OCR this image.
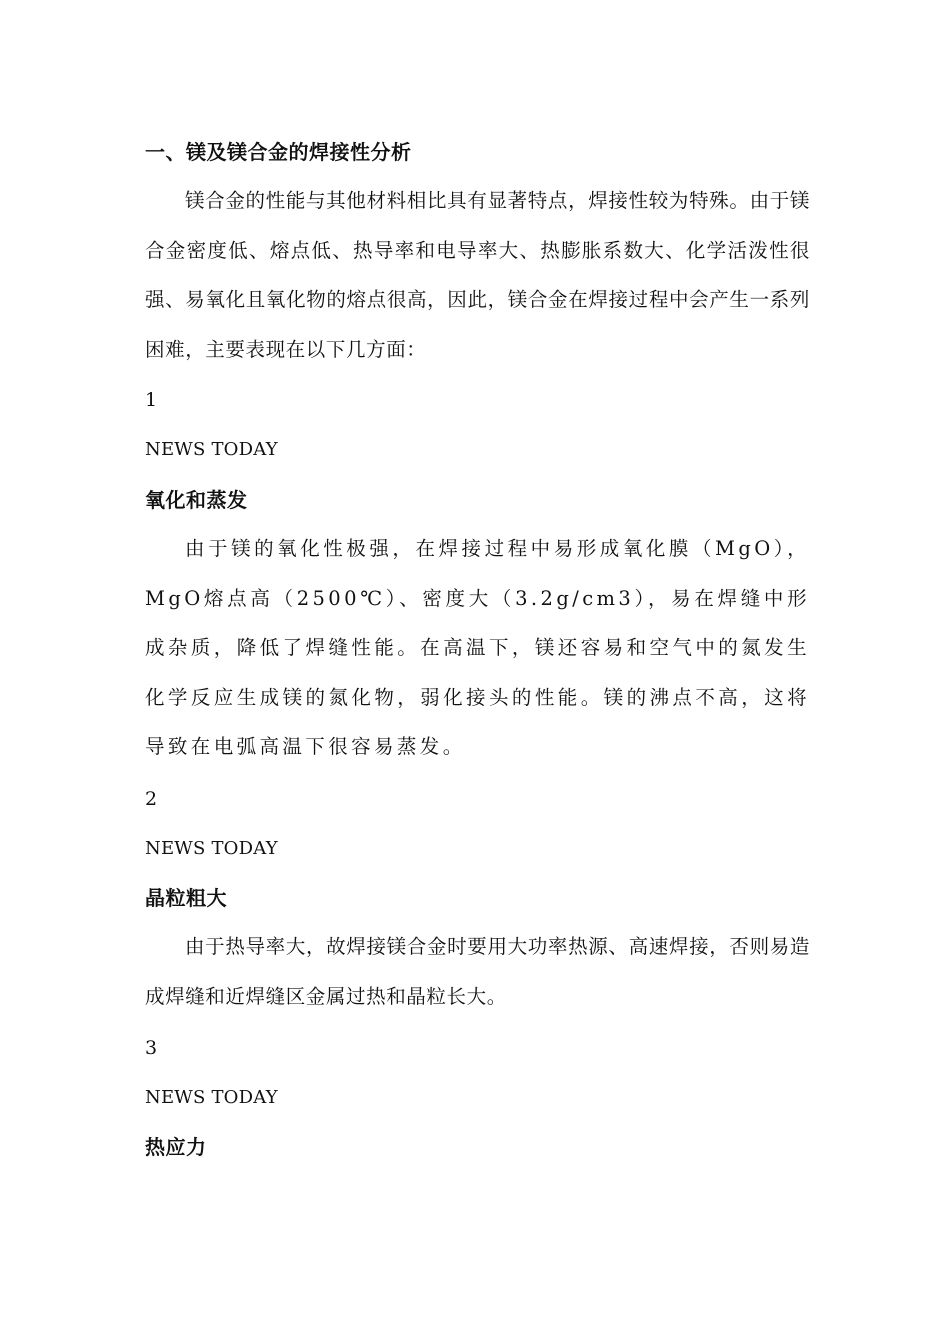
一、镁及镁合金的焊接性分析

镁合金的性能与其他材料相比具有显著特点，焊接性较为特殊。由于镁合金密度低、熔点低、热导率和电导率大、热膨胀系数大、化学活泼性很强、易氧化且氧化物的熔点很高，因此，镁合金在焊接过程中会产生一系列困难，主要表现在以下几方面：

1
NEWS TODAY
氧化和蒸发

由于镁的氧化性极强，在焊接过程中易形成氧化膜（MgO），MgO熔点高（2500℃）、密度大（3.2g/cm3），易在焊缝中形成杂质，降低了焊缝性能。在高温下，镁还容易和空气中的氮发生化学反应生成镁的氮化物，弱化接头的性能。镁的沸点不高，这将导致在电弧高温下很容易蒸发。

2
NEWS TODAY
晶粒粗大

由于热导率大，故焊接镁合金时要用大功率热源、高速焊接，否则易造成焊缝和近焊缝区金属过热和晶粒长大。

3
NEWS TODAY
热应力
